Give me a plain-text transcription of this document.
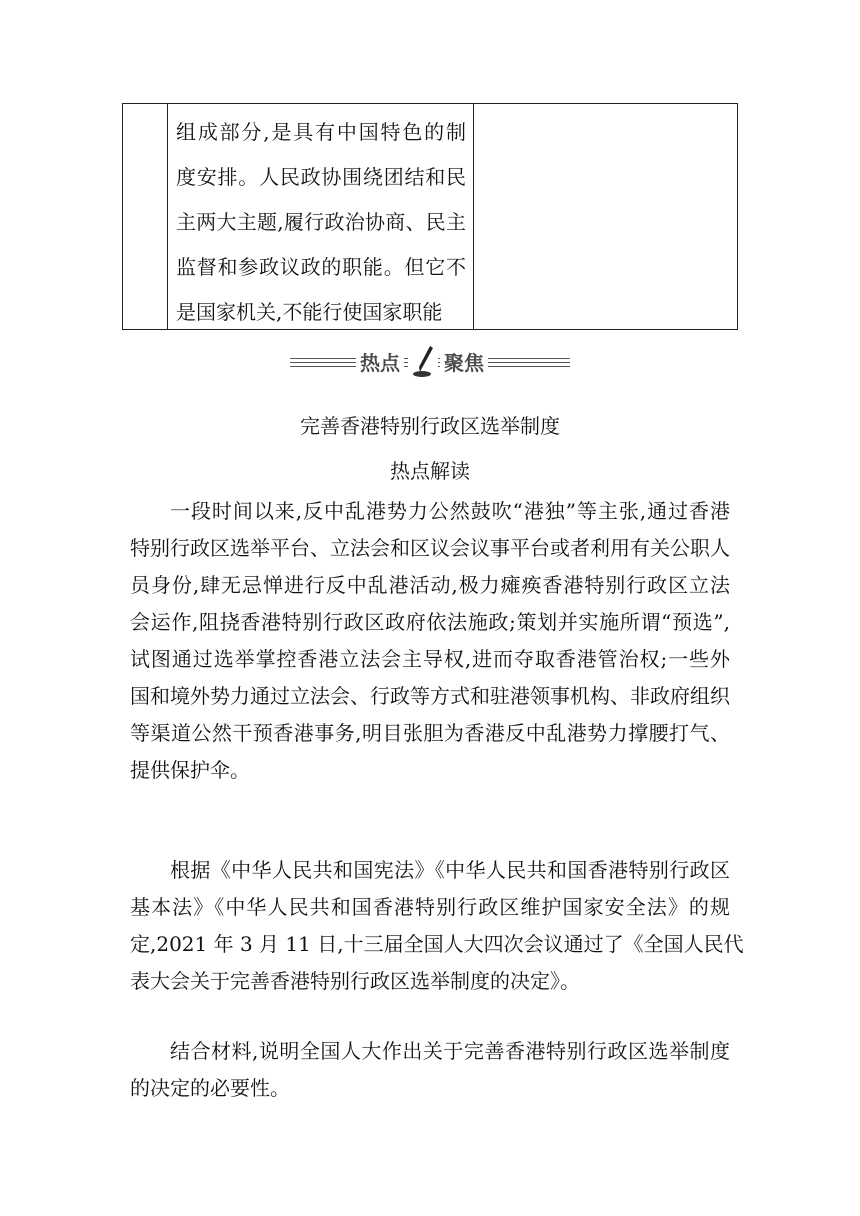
组成部分,是具有中国特色的制
度安排。人民政协围绕团结和民
主两大主题,履行政治协商、民主
监督和参政议政的职能。但它不
是国家机关,不能行使国家职能
热点 聚焦
完善香港特别行政区选举制度
热点解读
一段时间以来,反中乱港势力公然鼓吹“港独”等主张,通过香港
特别行政区选举平台、立法会和区议会议事平台或者利用有关公职人
员身份,肆无忌惮进行反中乱港活动,极力瘫痪香港特别行政区立法
会运作,阻挠香港特别行政区政府依法施政;策划并实施所谓“预选”,
试图通过选举掌控香港立法会主导权,进而夺取香港管治权;一些外
国和境外势力通过立法会、行政等方式和驻港领事机构、非政府组织
等渠道公然干预香港事务,明目张胆为香港反中乱港势力撑腰打气、
提供保护伞。
根据《中华人民共和国宪法》《中华人民共和国香港特别行政区
基本法》《中华人民共和国香港特别行政区维护国家安全法》的规
定,2021 年 3 月 11 日,十三届全国人大四次会议通过了《全国人民代
表大会关于完善香港特别行政区选举制度的决定》。
结合材料,说明全国人大作出关于完善香港特别行政区选举制度
的决定的必要性。
